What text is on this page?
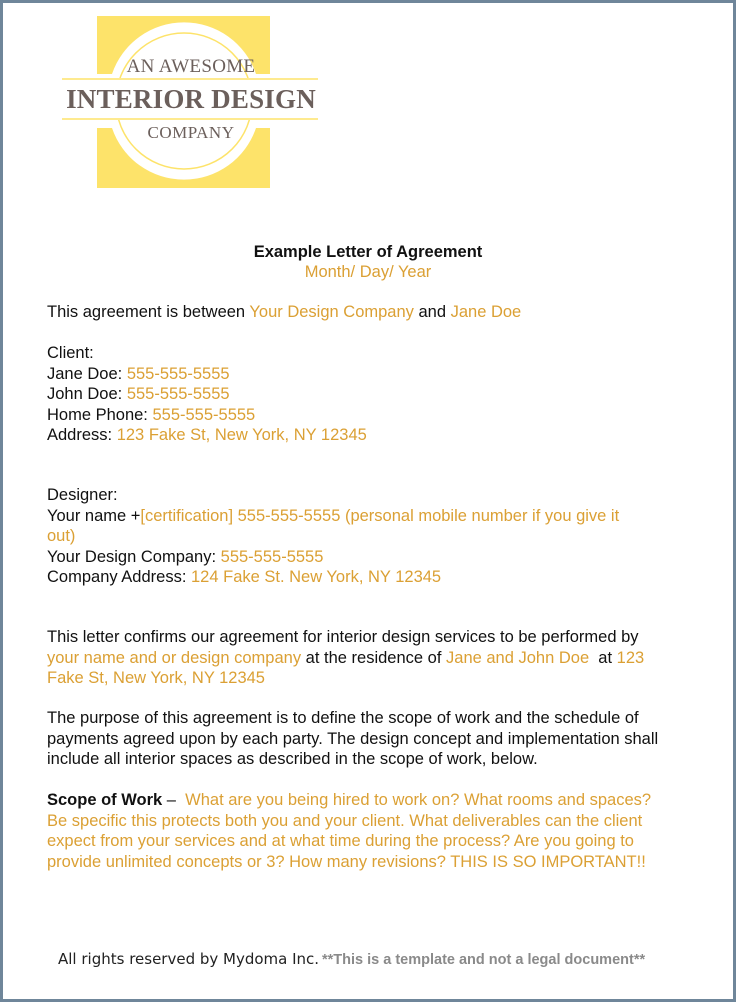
AN AWESOME
INTERIOR DESIGN
COMPANY
Example Letter of Agreement
Month/ Day/ Year
This agreement is between Your Design Company and Jane Doe
Client:
Jane Doe: 555-555-5555
John Doe: 555-555-5555
Home Phone: 555-555-5555
Address: 123 Fake St, New York, NY 12345
Designer:
Your name +[certification] 555-555-5555 (personal mobile number if you give it out)
Your Design Company: 555-555-5555
Company Address: 124 Fake St. New York, NY 12345
This letter confirms our agreement for interior design services to be performed by your name and or design company at the residence of Jane and John Doe  at 123 Fake St, New York, NY 12345
The purpose of this agreement is to define the scope of work and the schedule of payments agreed upon by each party. The design concept and implementation shall include all interior spaces as described in the scope of work, below.
Scope of Work –  What are you being hired to work on? What rooms and spaces? Be specific this protects both you and your client. What deliverables can the client expect from your services and at what time during the process? Are you going to provide unlimited concepts or 3? How many revisions? THIS IS SO IMPORTANT!!
All rights reserved by Mydoma Inc. **This is a template and not a legal document**
